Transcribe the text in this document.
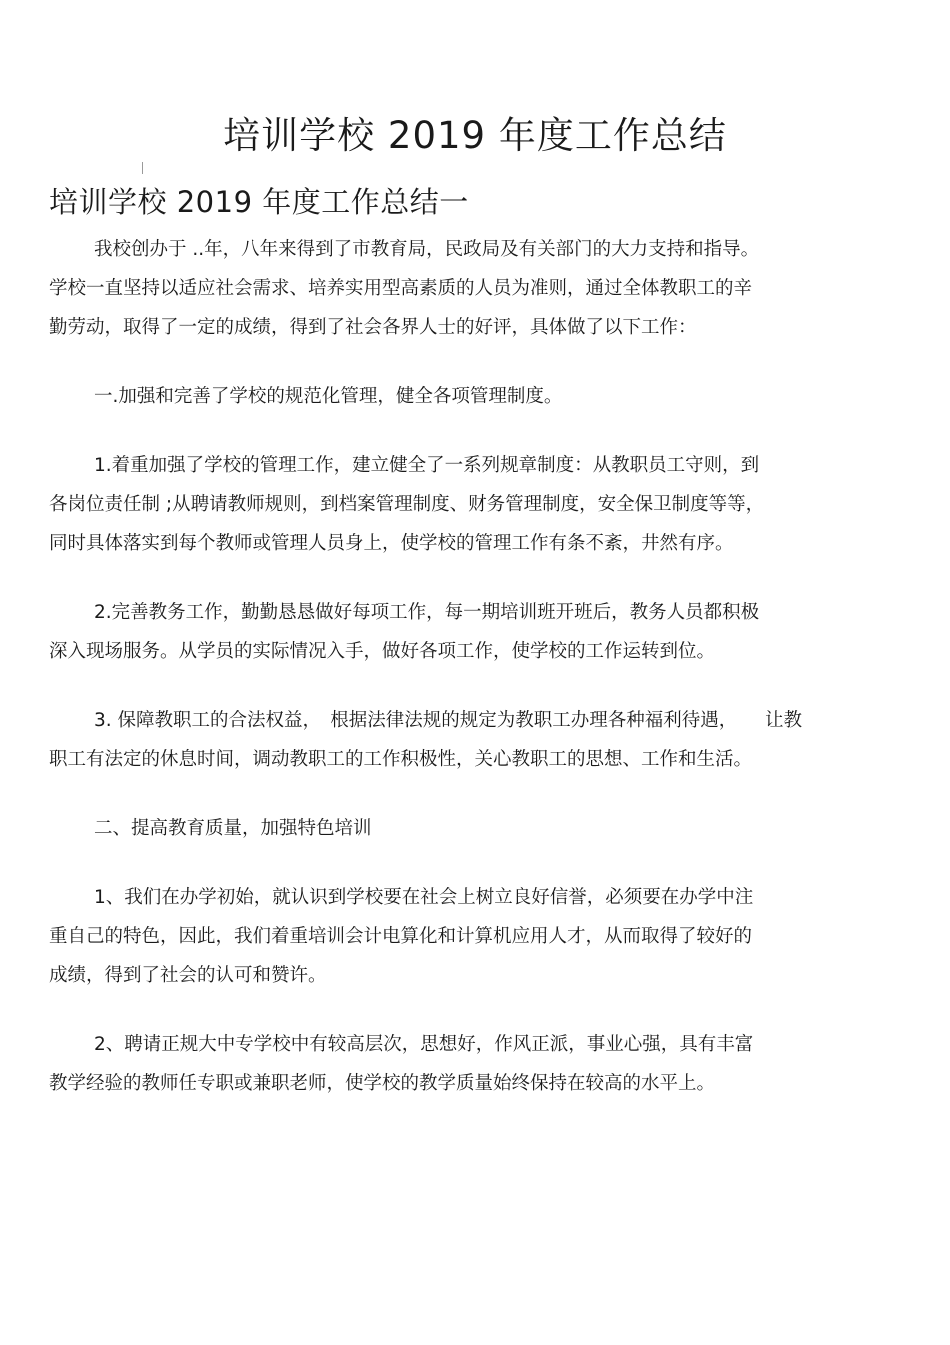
培训学校 2019 年度工作总结
培训学校 2019 年度工作总结一

我校创办于 ..年，八年来得到了市教育局，民政局及有关部门的大力支持和指导。
学校一直坚持以适应社会需求、培养实用型高素质的人员为准则，通过全体教职工的辛
勤劳动，取得了一定的成绩，得到了社会各界人士的好评，具体做了以下工作：

一.加强和完善了学校的规范化管理，健全各项管理制度。

1.着重加强了学校的管理工作，建立健全了一系列规章制度：从教职员工守则，到
各岗位责任制 ;从聘请教师规则，到档案管理制度、财务管理制度，安全保卫制度等等，
同时具体落实到每个教师或管理人员身上，使学校的管理工作有条不紊，井然有序。

2.完善教务工作，勤勤恳恳做好每项工作，每一期培训班开班后，教务人员都积极
深入现场服务。从学员的实际情况入手，做好各项工作，使学校的工作运转到位。

3. 保障教职工的合法权益，　根据法律法规的规定为教职工办理各种福利待遇，　　让教
职工有法定的休息时间，调动教职工的工作积极性，关心教职工的思想、工作和生活。

二、提高教育质量，加强特色培训

1、我们在办学初始，就认识到学校要在社会上树立良好信誉，必须要在办学中注
重自己的特色，因此，我们着重培训会计电算化和计算机应用人才，从而取得了较好的
成绩，得到了社会的认可和赞许。

2、聘请正规大中专学校中有较高层次，思想好，作风正派，事业心强，具有丰富
教学经验的教师任专职或兼职老师，使学校的教学质量始终保持在较高的水平上。
